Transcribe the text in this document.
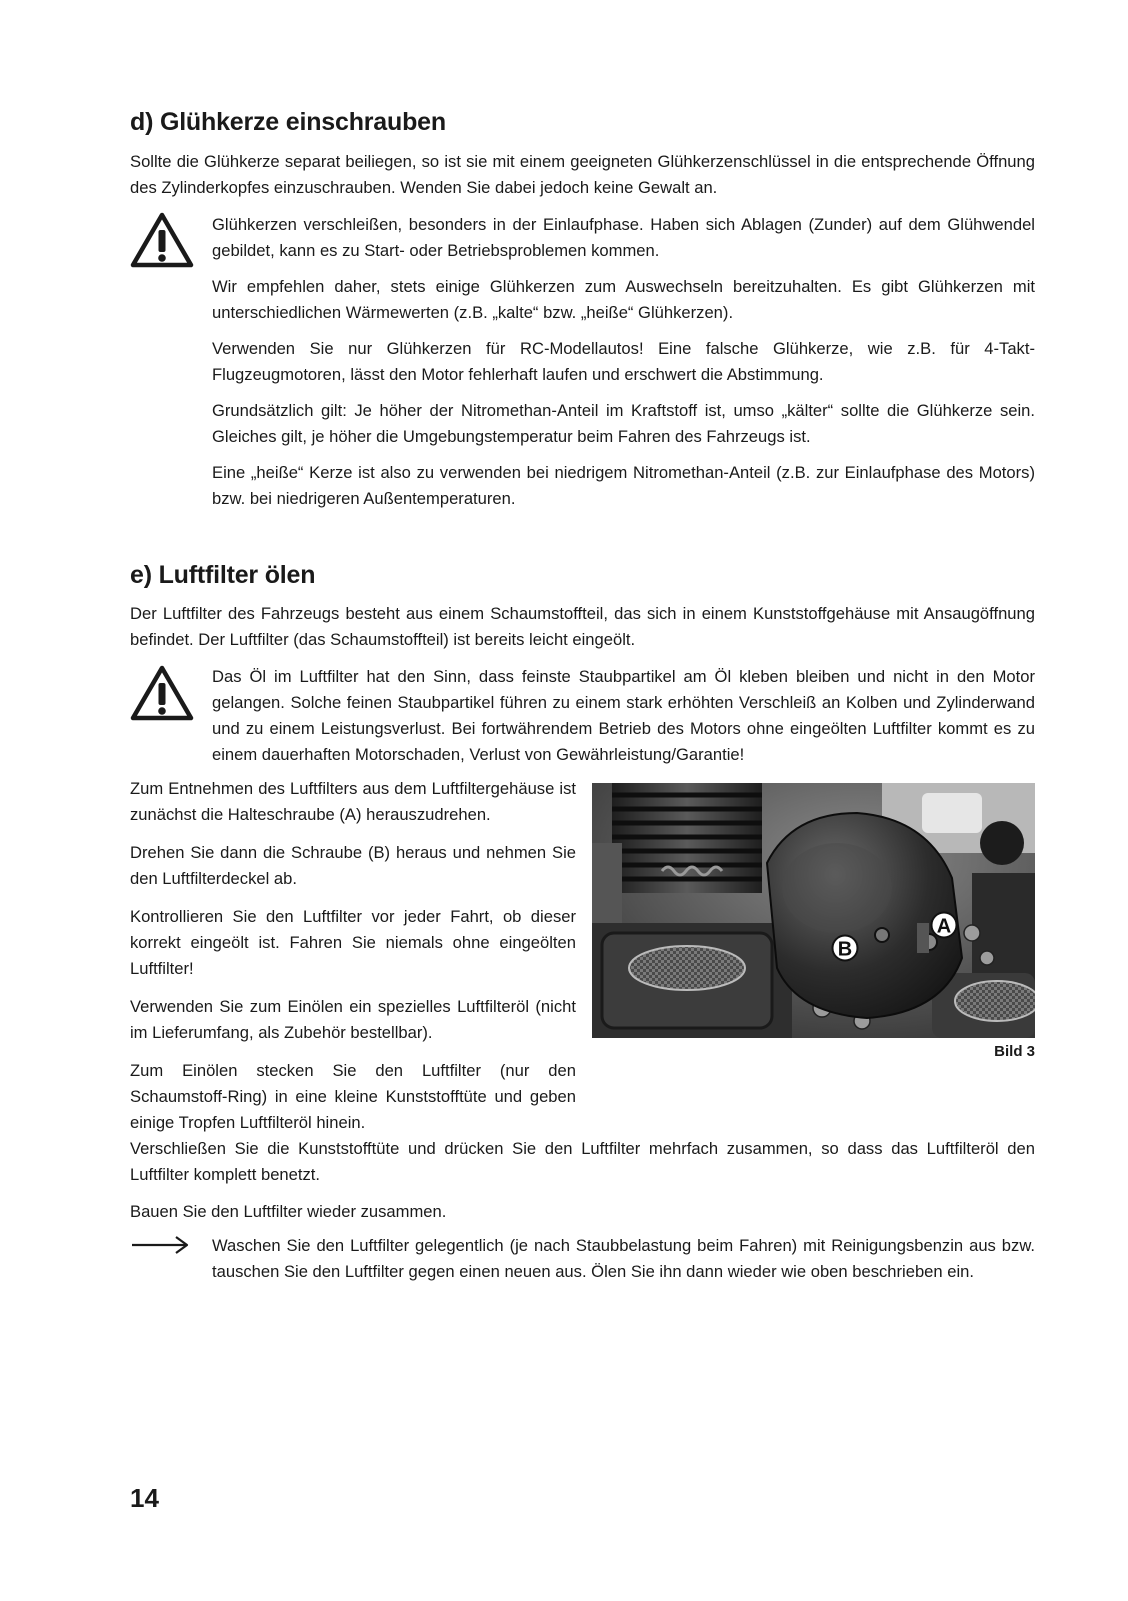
d) Glühkerze einschrauben

Sollte die Glühkerze separat beiliegen, so ist sie mit einem geeigneten Glühkerzenschlüssel in die entsprechende Öffnung des Zylinderkopfes einzuschrauben. Wenden Sie dabei jedoch keine Gewalt an.

Glühkerzen verschleißen, besonders in der Einlaufphase. Haben sich Ablagen (Zunder) auf dem Glühwendel gebildet, kann es zu Start- oder Betriebsproblemen kommen.

Wir empfehlen daher, stets einige Glühkerzen zum Auswechseln bereitzuhalten. Es gibt Glühkerzen mit unterschiedlichen Wärmewerten (z.B. „kalte“ bzw. „heiße“ Glühkerzen).

Verwenden Sie nur Glühkerzen für RC-Modellautos! Eine falsche Glühkerze, wie z.B. für 4-Takt-Flugzeugmotoren, lässt den Motor fehlerhaft laufen und erschwert die Abstimmung.

Grundsätzlich gilt: Je höher der Nitromethan-Anteil im Kraftstoff ist, umso „kälter“ sollte die Glühkerze sein. Gleiches gilt, je höher die Umgebungstemperatur beim Fahren des Fahrzeugs ist.

Eine „heiße“ Kerze ist also zu verwenden bei niedrigem Nitromethan-Anteil (z.B. zur Einlaufphase des Motors) bzw. bei niedrigeren Außentemperaturen.

e) Luftfilter ölen

Der Luftfilter des Fahrzeugs besteht aus einem Schaumstoffteil, das sich in einem Kunststoffgehäuse mit Ansaugöffnung befindet. Der Luftfilter (das Schaumstoffteil) ist bereits leicht eingeölt.

Das Öl im Luftfilter hat den Sinn, dass feinste Staubpartikel am Öl kleben bleiben und nicht in den Motor gelangen. Solche feinen Staubpartikel führen zu einem stark erhöhten Verschleiß an Kolben und Zylinderwand und zu einem Leistungsverlust. Bei fortwährendem Betrieb des Motors ohne eingeölten Luftfilter kommt es zu einem dauerhaften Motorschaden, Verlust von Gewährleistung/Garantie!

Zum Entnehmen des Luftfilters aus dem Luftfiltergehäuse ist zunächst die Halteschraube (A) herauszudrehen.

Drehen Sie dann die Schraube (B) heraus und nehmen Sie den Luftfilterdeckel ab.

Kontrollieren Sie den Luftfilter vor jeder Fahrt, ob dieser korrekt eingeölt ist. Fahren Sie niemals ohne eingeölten Luftfilter!

Verwenden Sie zum Einölen ein spezielles Luftfilteröl (nicht im Lieferumfang, als Zubehör bestellbar).

Zum Einölen stecken Sie den Luftfilter (nur den Schaumstoff-Ring) in eine kleine Kunststofftüte und geben einige Tropfen Luftfilteröl hinein.

A
B
Bild 3

Verschließen Sie die Kunststofftüte und drücken Sie den Luftfilter mehrfach zusammen, so dass das Luftfilteröl den Luftfilter komplett benetzt.

Bauen Sie den Luftfilter wieder zusammen.

Waschen Sie den Luftfilter gelegentlich (je nach Staubbelastung beim Fahren) mit Reinigungsbenzin aus bzw. tauschen Sie den Luftfilter gegen einen neuen aus. Ölen Sie ihn dann wieder wie oben beschrieben ein.

14
